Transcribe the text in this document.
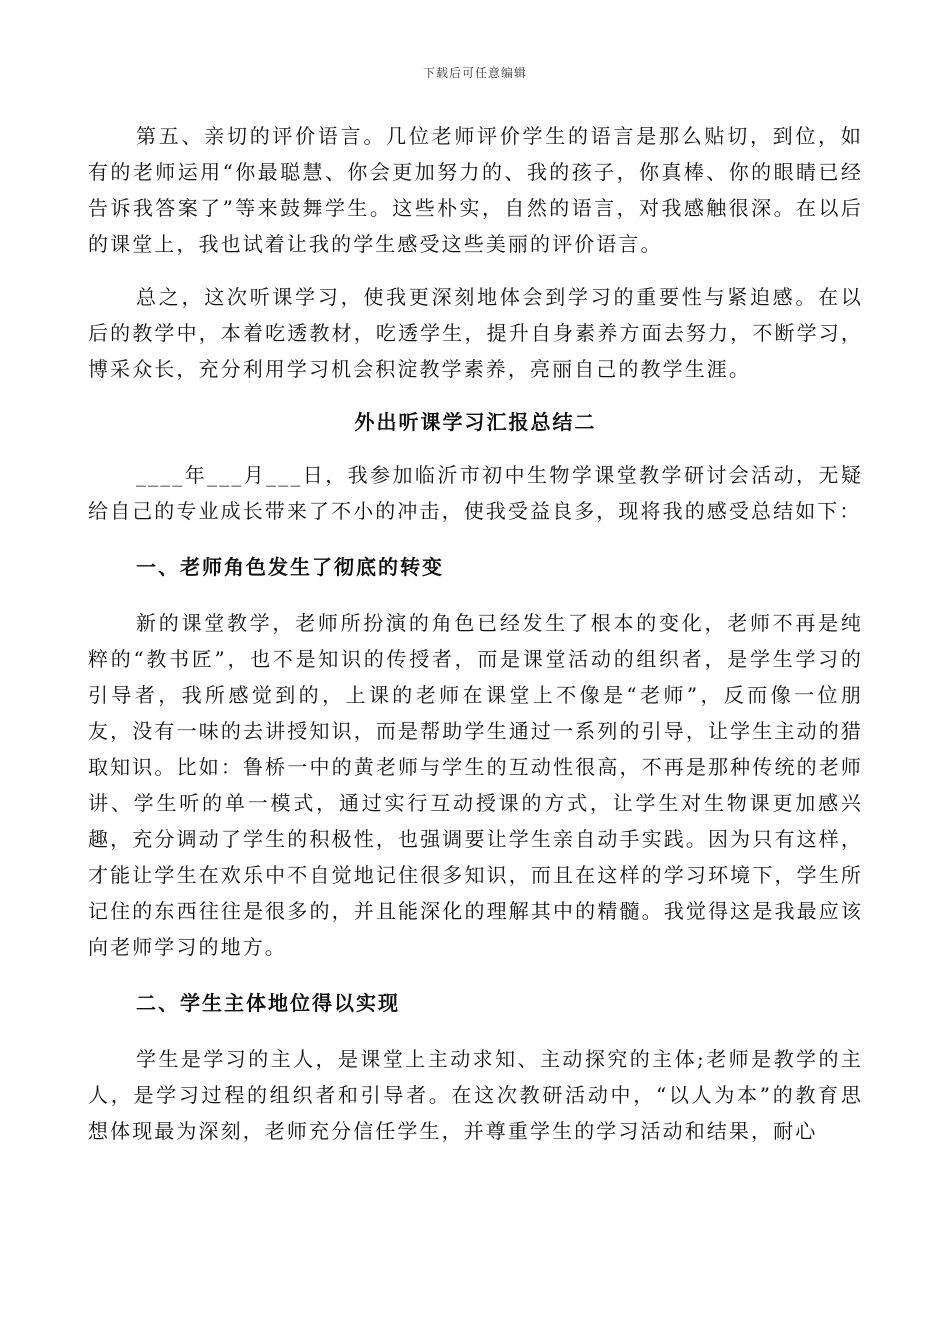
下载后可任意编辑

第五、亲切的评价语言。几位老师评价学生的语言是那么贴切，到位，如有的老师运用“你最聪慧、你会更加努力的、我的孩子，你真棒、你的眼睛已经告诉我答案了”等来鼓舞学生。这些朴实，自然的语言，对我感触很深。在以后的课堂上，我也试着让我的学生感受这些美丽的评价语言。

总之，这次听课学习，使我更深刻地体会到学习的重要性与紧迫感。在以后的教学中，本着吃透教材，吃透学生，提升自身素养方面去努力，不断学习，博采众长，充分利用学习机会积淀教学素养，亮丽自己的教学生涯。

外出听课学习汇报总结二

____年___月___日，我参加临沂市初中生物学课堂教学研讨会活动，无疑给自己的专业成长带来了不小的冲击，使我受益良多，现将我的感受总结如下：

一、老师角色发生了彻底的转变

新的课堂教学，老师所扮演的角色已经发生了根本的变化，老师不再是纯粹的“教书匠”，也不是知识的传授者，而是课堂活动的组织者，是学生学习的引导者，我所感觉到的，上课的老师在课堂上不像是“老师”，反而像一位朋友，没有一味的去讲授知识，而是帮助学生通过一系列的引导，让学生主动的猎取知识。比如：鲁桥一中的黄老师与学生的互动性很高，不再是那种传统的老师讲、学生听的单一模式，通过实行互动授课的方式，让学生对生物课更加感兴趣，充分调动了学生的积极性，也强调要让学生亲自动手实践。因为只有这样，才能让学生在欢乐中不自觉地记住很多知识，而且在这样的学习环境下，学生所记住的东西往往是很多的，并且能深化的理解其中的精髓。我觉得这是我最应该向老师学习的地方。

二、学生主体地位得以实现

学生是学习的主人，是课堂上主动求知、主动探究的主体;老师是教学的主人，是学习过程的组织者和引导者。在这次教研活动中，“以人为本”的教育思想体现最为深刻，老师充分信任学生，并尊重学生的学习活动和结果，耐心
